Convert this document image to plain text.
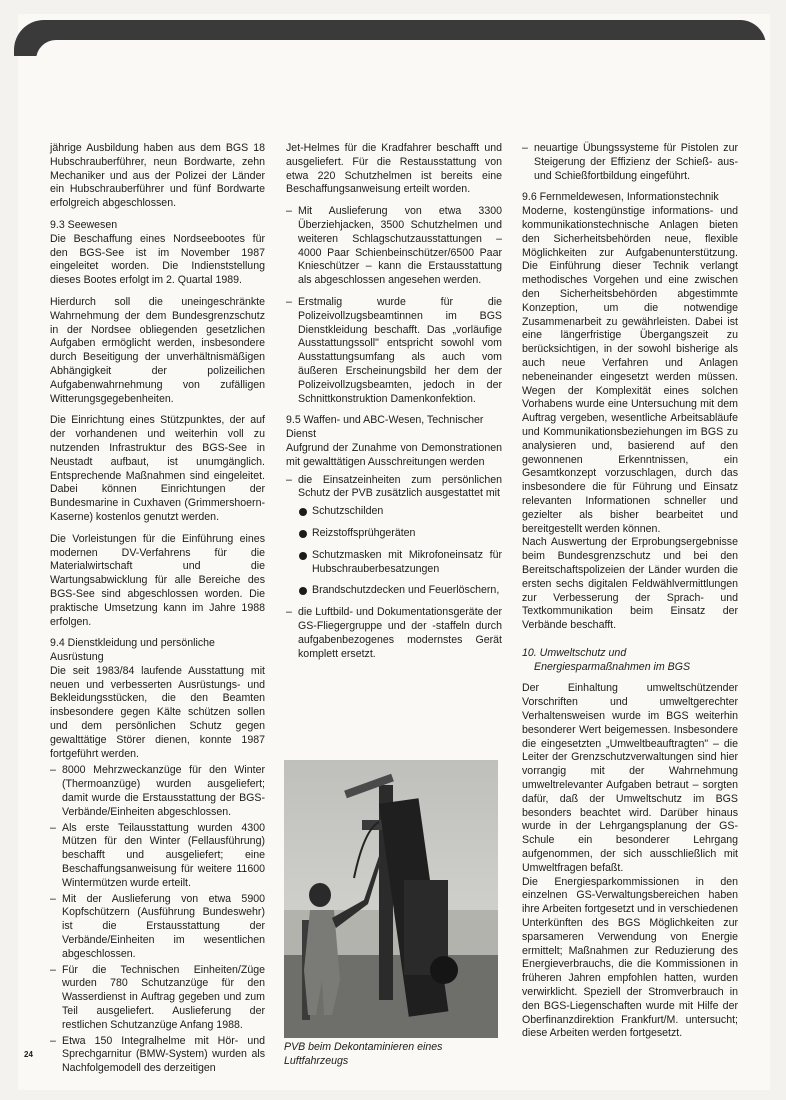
jährige Ausbildung haben aus dem BGS 18 Hubschrauberführer, neun Bordwarte, zehn Mechaniker und aus der Polizei der Länder ein Hubschrauberführer und fünf Bordwarte erfolgreich abgeschlossen.

9.3 Seewesen

Die Beschaffung eines Nordseebootes für den BGS-See ist im November 1987 eingeleitet worden. Die Indienststellung dieses Bootes erfolgt im 2. Quartal 1989.

Hierdurch soll die uneingeschränkte Wahrnehmung der dem Bundesgrenzschutz in der Nordsee obliegenden gesetzlichen Aufgaben ermöglicht werden, insbesondere durch Beseitigung der unverhältnismäßigen Abhängigkeit der polizeilichen Aufgabenwahrnehmung von zufälligen Witterungsgegebenheiten.

Die Einrichtung eines Stützpunktes, der auf der vorhandenen und weiterhin voll zu nutzenden Infrastruktur des BGS-See in Neustadt aufbaut, ist unumgänglich. Entsprechende Maßnahmen sind eingeleitet. Dabei können Einrichtungen der Bundesmarine in Cuxhaven (Grimmershoern-Kaserne) kostenlos genutzt werden.

Die Vorleistungen für die Einführung eines modernen DV-Verfahrens für die Materialwirtschaft und die Wartungsabwicklung für alle Bereiche des BGS-See sind abgeschlossen worden. Die praktische Umsetzung kann im Jahre 1988 erfolgen.

9.4 Dienstkleidung und persönliche Ausrüstung

Die seit 1983/84 laufende Ausstattung mit neuen und verbesserten Ausrüstungs- und Bekleidungsstücken, die den Beamten insbesondere gegen Kälte schützen sollen und dem persönlichen Schutz gegen gewalttätige Störer dienen, konnte 1987 fortgeführt werden.

– 8000 Mehrzweckanzüge für den Winter (Thermoanzüge) wurden ausgeliefert; damit wurde die Erstausstattung der BGS-Verbände/Einheiten abgeschlossen.
– Als erste Teilausstattung wurden 4300 Mützen für den Winter (Fellausführung) beschafft und ausgeliefert; eine Beschaffungsanweisung für weitere 11600 Wintermützen wurde erteilt.
– Mit der Auslieferung von etwa 5900 Kopfschützern (Ausführung Bundeswehr) ist die Erstausstattung der Verbände/Einheiten im wesentlichen abgeschlossen.
– Für die Technischen Einheiten/Züge wurden 780 Schutzanzüge für den Wasserdienst in Auftrag gegeben und zum Teil ausgeliefert. Auslieferung der restlichen Schutzanzüge Anfang 1988.
– Etwa 150 Integralhelme mit Hör- und Sprechgarnitur (BMW-System) wurden als Nachfolgemodell des derzeitigen

Jet-Helmes für die Kradfahrer beschafft und ausgeliefert. Für die Restausstattung von etwa 220 Schutzhelmen ist bereits eine Beschaffungsanweisung erteilt worden.

– Mit Auslieferung von etwa 3300 Überziehjacken, 3500 Schutzhelmen und weiteren Schlagschutzausstattungen – 4000 Paar Schienbeinschützer/6500 Paar Knieschützer – kann die Erstausstattung als abgeschlossen angesehen werden.
– Erstmalig wurde für die Polizeivollzugsbeamtinnen im BGS Dienstkleidung beschafft. Das „vorläufige Ausstattungssoll" entspricht sowohl vom Ausstattungsumfang als auch vom äußeren Erscheinungsbild her dem der Polizeivollzugsbeamten, jedoch in der Schnittkonstruktion Damenkonfektion.
9.5 Waffen- und ABC-Wesen, Technischer Dienst

Aufgrund der Zunahme von Demonstrationen mit gewalttätigen Ausschreitungen werden

– die Einsatzeinheiten zum persönlichen Schutz der PVB zusätzlich ausgestattet mit
Schutzschilden
Reizstoffsprühgeräten
Schutzmasken mit Mikrofoneinsatz für Hubschrauberbesatzungen
Brandschutzdecken und Feuerlöschern,
– die Luftbild- und Dokumentationsgeräte der GS-Fliegergruppe und der -staffeln durch aufgabenbezogenes modernstes Gerät komplett ersetzt.
PVB beim Dekontaminieren eines Luftfahrzeugs
– neuartige Übungssysteme für Pistolen zur Steigerung der Effizienz der Schieß- aus- und Schießfortbildung eingeführt.
9.6 Fernmeldewesen, Informationstechnik

Moderne, kostengünstige informations- und kommunikationstechnische Anlagen bieten den Sicherheitsbehörden neue, flexible Möglichkeiten zur Aufgabenunterstützung. Die Einführung dieser Technik verlangt methodisches Vorgehen und eine zwischen den Sicherheitsbehörden abgestimmte Konzeption, um die notwendige Zusammenarbeit zu gewährleisten. Dabei ist eine längerfristige Übergangszeit zu berücksichtigen, in der sowohl bisherige als auch neue Verfahren und Anlagen nebeneinander eingesetzt werden müssen. Wegen der Komplexität eines solchen Vorhabens wurde eine Untersuchung mit dem Auftrag vergeben, wesentliche Arbeitsabläufe und Kommunikationsbeziehungen im BGS zu analysieren und, basierend auf den gewonnenen Erkenntnissen, ein Gesamtkonzept vorzuschlagen, durch das insbesondere die für Führung und Einsatz relevanten Informationen schneller und gezielter als bisher bearbeitet und bereitgestellt werden können.

Nach Auswertung der Erprobungsergebnisse beim Bundesgrenzschutz und bei den Bereitschaftspolizeien der Länder wurden die ersten sechs digitalen Feldwählvermittlungen zur Verbesserung der Sprach- und Textkommunikation beim Einsatz der Verbände beschafft.

10. Umweltschutz und
Energiesparmaßnahmen im BGS

Der Einhaltung umweltschützender Vorschriften und umweltgerechter Verhaltensweisen wurde im BGS weiterhin besonderer Wert beigemessen. Insbesondere die eingesetzten „Umweltbeauftragten" – die Leiter der Grenzschutzverwaltungen sind hier vorrangig mit der Wahrnehmung umweltrelevanter Aufgaben betraut – sorgten dafür, daß der Umweltschutz im BGS besonders beachtet wird. Darüber hinaus wurde in der Lehrgangsplanung der GS-Schule ein besonderer Lehrgang aufgenommen, der sich ausschließlich mit Umweltfragen befaßt.

Die Energiesparkommissionen in den einzelnen GS-Verwaltungsbereichen haben ihre Arbeiten fortgesetzt und in verschiedenen Unterkünften des BGS Möglichkeiten zur sparsameren Verwendung von Energie ermittelt; Maßnahmen zur Reduzierung des Energieverbrauchs, die die Kommissionen in früheren Jahren empfohlen hatten, wurden verwirklicht. Speziell der Stromverbrauch in den BGS-Liegenschaften wurde mit Hilfe der Oberfinanzdirektion Frankfurt/M. untersucht; diese Arbeiten werden fortgesetzt.

24
